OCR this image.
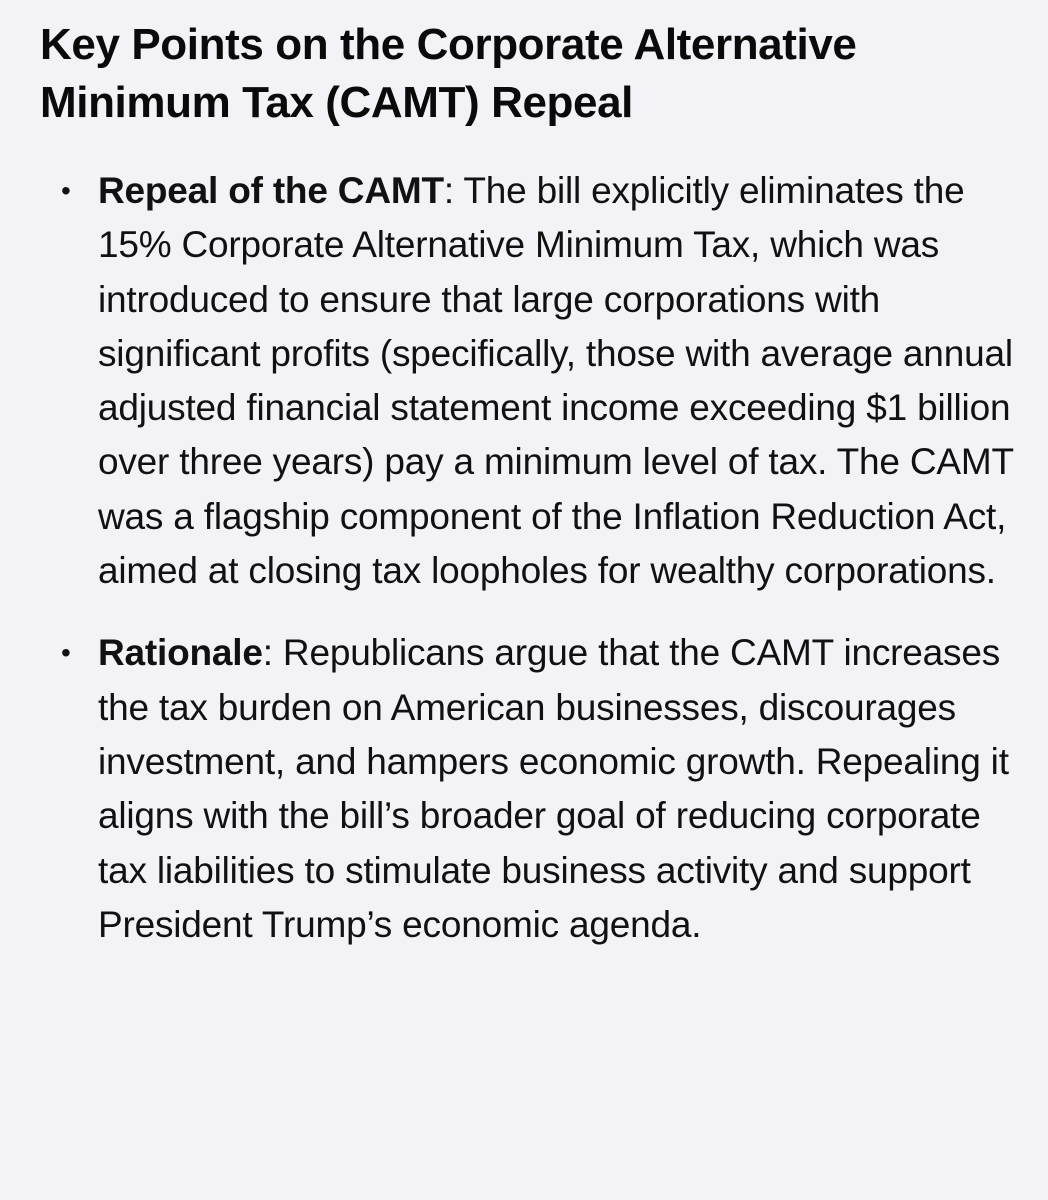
Key Points on the Corporate Alternative Minimum Tax (CAMT) Repeal
• Repeal of the CAMT: The bill explicitly eliminates the 15% Corporate Alternative Minimum Tax, which was introduced to ensure that large corporations with significant profits (specifically, those with average annual adjusted financial statement income exceeding $1 billion over three years) pay a minimum level of tax. The CAMT was a flagship component of the Inflation Reduction Act, aimed at closing tax loopholes for wealthy corporations.
• Rationale: Republicans argue that the CAMT increases the tax burden on American businesses, discourages investment, and hampers economic growth. Repealing it aligns with the bill’s broader goal of reducing corporate tax liabilities to stimulate business activity and support President Trump’s economic agenda.
